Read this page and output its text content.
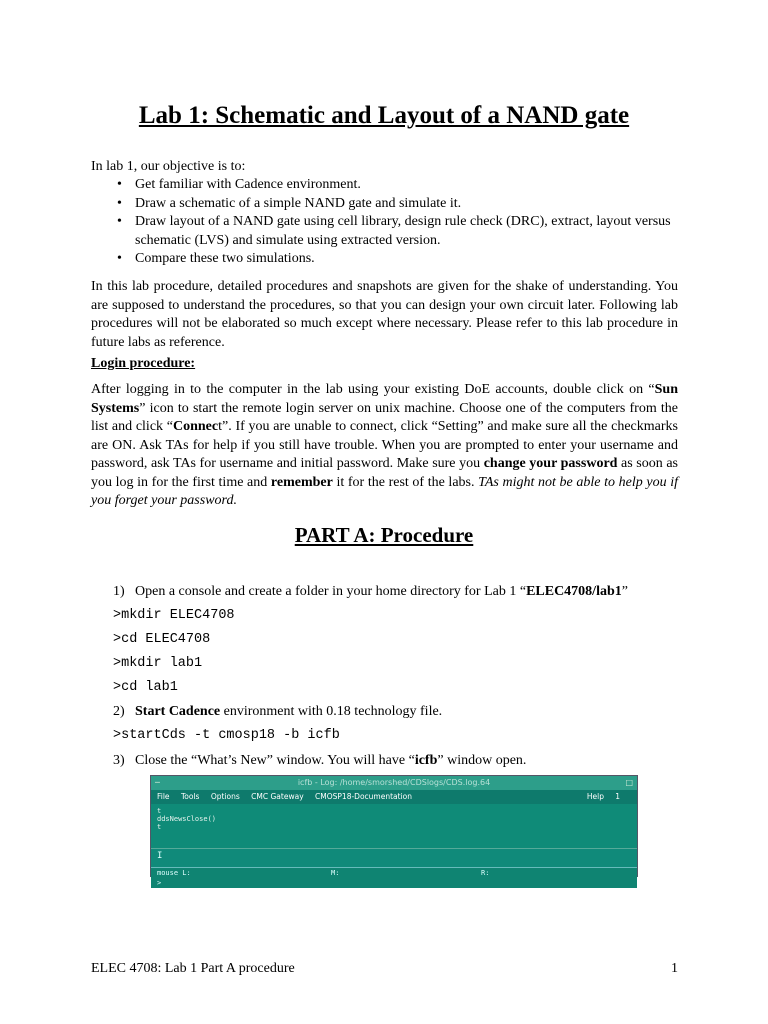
Lab 1: Schematic and Layout of a NAND gate
In lab 1, our objective is to:
• Get familiar with Cadence environment.
• Draw a schematic of a simple NAND gate and simulate it.
• Draw layout of a NAND gate using cell library, design rule check (DRC), extract, layout versus schematic (LVS) and simulate using extracted version.
• Compare these two simulations.

In this lab procedure, detailed procedures and snapshots are given for the shake of understanding. You are supposed to understand the procedures, so that you can design your own circuit later. Following lab procedures will not be elaborated so much except where necessary. Please refer to this lab procedure in future labs as reference.

Login procedure:

After logging in to the computer in the lab using your existing DoE accounts, double click on “Sun Systems” icon to start the remote login server on unix machine. Choose one of the computers from the list and click “Connect”. If you are unable to connect, click “Setting” and make sure all the checkmarks are ON. Ask TAs for help if you still have trouble. When you are prompted to enter your username and password, ask TAs for username and initial password. Make sure you change your password as soon as you log in for the first time and remember it for the rest of the labs. TAs might not be able to help you if you forget your password.

PART A: Procedure
1) Open a console and create a folder in your home directory for Lab 1 “ELEC4708/lab1”
>mkdir ELEC4708
>cd ELEC4708
>mkdir lab1
>cd lab1
2) Start Cadence environment with 0.18 technology file.
>startCds -t cmosp18 -b icfb
3) Close the “What’s New” window. You will have “icfb” window open.
─	icfb - Log: /home/smorshed/CDSlogs/CDS.log.64	□
File Tools Options CMC Gateway CMOSP18-Documentation	Help 1
t
ddsNewsClose()
t
I
mouse L:	M:	R:
>
ELEC 4708: Lab 1 Part A procedure	1
